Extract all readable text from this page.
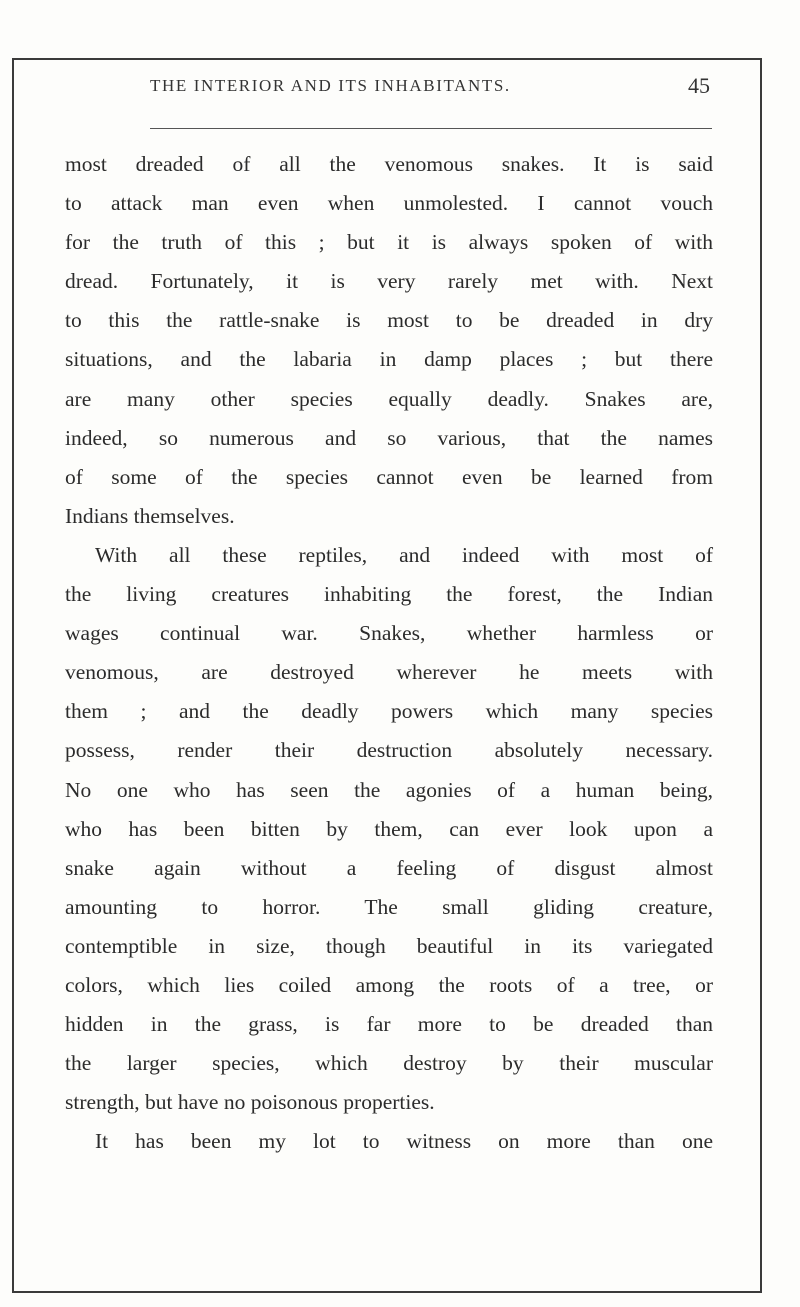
THE INTERIOR AND ITS INHABITANTS.	45
most dreaded of all the venomous snakes. It is said
to attack man even when unmolested. I cannot vouch
for the truth of this ; but it is always spoken of with
dread. Fortunately, it is very rarely met with. Next
to this the rattle-snake is most to be dreaded in dry
situations, and the labaria in damp places ; but there
are many other species equally deadly. Snakes are,
indeed, so numerous and so various, that the names
of some of the species cannot even be learned from
Indians themselves.
With all these reptiles, and indeed with most of
the living creatures inhabiting the forest, the Indian
wages continual war. Snakes, whether harmless or
venomous, are destroyed wherever he meets with
them ; and the deadly powers which many species
possess, render their destruction absolutely necessary.
No one who has seen the agonies of a human being,
who has been bitten by them, can ever look upon a
snake again without a feeling of disgust almost
amounting to horror. The small gliding creature,
contemptible in size, though beautiful in its variegated
colors, which lies coiled among the roots of a tree, or
hidden in the grass, is far more to be dreaded than
the larger species, which destroy by their muscular
strength, but have no poisonous properties.
It has been my lot to witness on more than one
